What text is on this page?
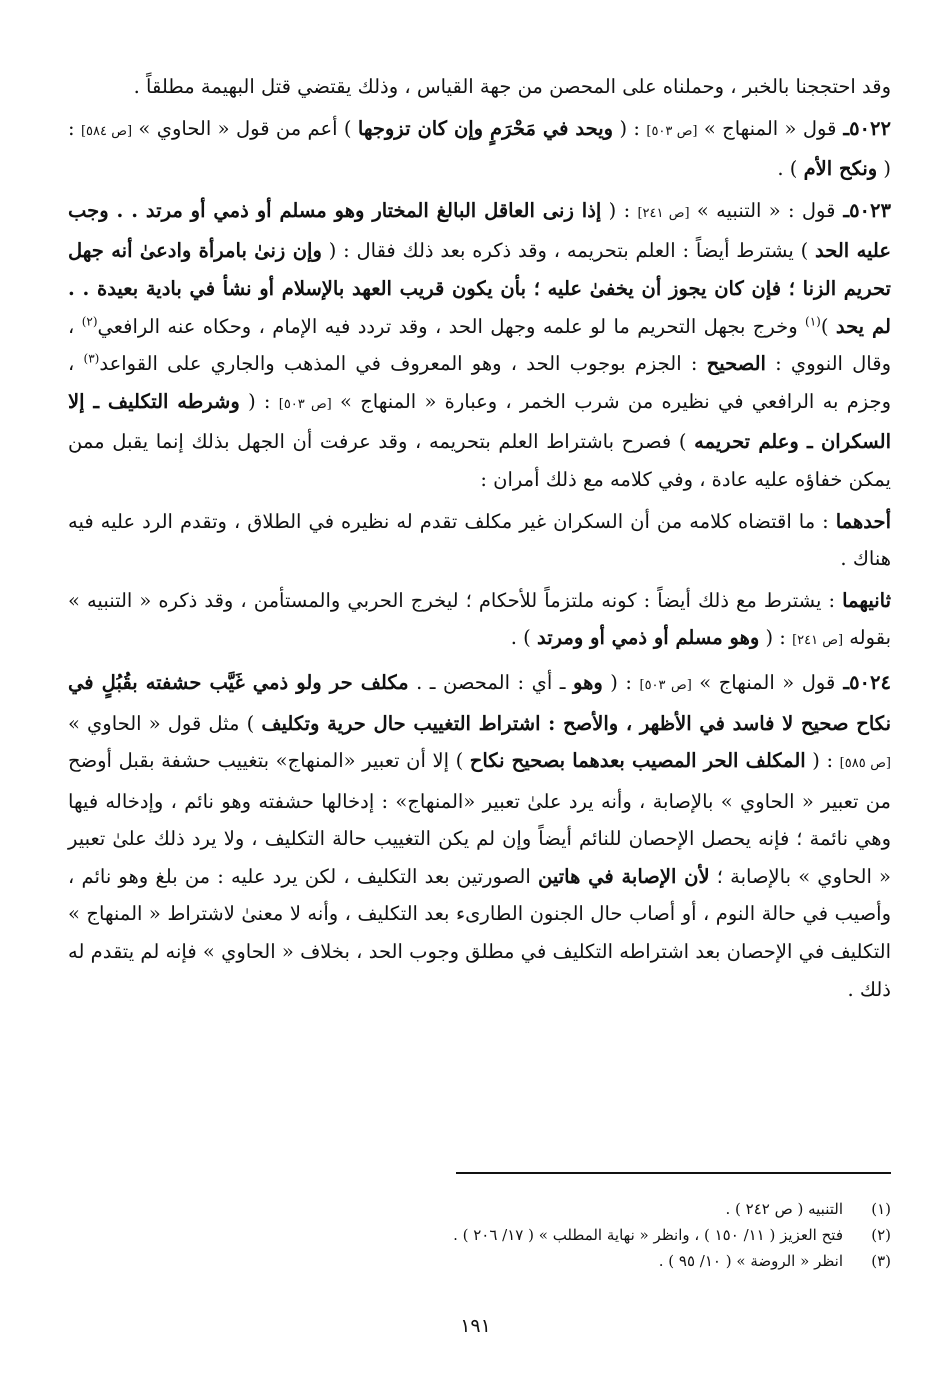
وقد احتججنا بالخبر ، وحملناه على المحصن من جهة القياس ، وذلك يقتضي قتل البهيمة مطلقاً .

٥٠٢٢ـ قول « المنهاج » [ص ٥٠٣] : ( ويحد في مَحْرَمٍ وإن كان تزوجها ) أعم من قول « الحاوي » [ص ٥٨٤] : ( ونكح الأم ) .

٥٠٢٣ـ قول : « التنبيه » [ص ٢٤١] : ( إذا زنى العاقل البالغ المختار وهو مسلم أو ذمي أو مرتد . . وجب عليه الحد ) يشترط أيضاً : العلم بتحريمه ، وقد ذكره بعد ذلك فقال : ( وإن زنىٰ بامرأة وادعىٰ أنه جهل تحريم الزنا ؛ فإن كان يجوز أن يخفىٰ عليه ؛ بأن يكون قريب العهد بالإسلام أو نشأ في بادية بعيدة . . لم يحد )$^{(١)}$ وخرج بجهل التحريم ما لو علمه وجهل الحد ، وقد تردد فيه الإمام ، وحكاه عنه الرافعي$^{(٢)}$ ، وقال النووي : الصحيح : الجزم بوجوب الحد ، وهو المعروف في المذهب والجاري على القواعد$^{(٣)}$ ، وجزم به الرافعي في نظيره من شرب الخمر ، وعبارة « المنهاج » [ص ٥٠٣] : ( وشرطه التكليف ـ إلا السكران ـ وعلم تحريمه ) فصرح باشتراط العلم بتحريمه ، وقد عرفت أن الجهل بذلك إنما يقبل ممن يمكن خفاؤه عليه عادة ، وفي كلامه مع ذلك أمران :

أحدهما : ما اقتضاه كلامه من أن السكران غير مكلف تقدم له نظيره في الطلاق ، وتقدم الرد عليه فيه هناك .

ثانيهما : يشترط مع ذلك أيضاً : كونه ملتزماً للأحكام ؛ ليخرج الحربي والمستأمن ، وقد ذكره « التنبيه » بقوله [ص ٢٤١] : ( وهو مسلم أو ذمي أو ومرتد ) .

٥٠٢٤ـ قول « المنهاج » [ص ٥٠٣] : ( وهو ـ أي : المحصن ـ . مكلف حر ولو ذمي غَيَّب حشفته بقُبُلٍ في نكاح صحيح لا فاسد في الأظهر ، والأصح : اشتراط التغييب حال حرية وتكليف ) مثل قول « الحاوي » [ص ٥٨٥] : ( المكلف الحر المصيب بعدهما بصحيح نكاح ) إلا أن تعبير «المنهاج» بتغييب حشفة بقبل أوضح من تعبير « الحاوي » بالإصابة ، وأنه يرد علىٰ تعبير «المنهاج» : إدخالها حشفته وهو نائم ، وإدخاله فيها وهي نائمة ؛ فإنه يحصل الإحصان للنائم أيضاً وإن لم يكن التغييب حالة التكليف ، ولا يرد ذلك علىٰ تعبير « الحاوي » بالإصابة ؛ لأن الإصابة في هاتين الصورتين بعد التكليف ، لكن يرد عليه : من بلغ وهو نائم ، وأصيب في حالة النوم ، أو أصاب حال الجنون الطارىء بعد التكليف ، وأنه لا معنىٰ لاشتراط « المنهاج » التكليف في الإحصان بعد اشتراطه التكليف في مطلق وجوب الحد ، بخلاف « الحاوي » فإنه لم يتقدم له ذلك .

(١)
التنبيه ( ص ٢٤٢ ) .
(٢)
فتح العزيز ( ١١/ ١٥٠ ) ، وانظر « نهاية المطلب » ( ١٧/ ٢٠٦ ) .
(٣)
انظر « الروضة » ( ١٠/ ٩٥ ) .
١٩١
